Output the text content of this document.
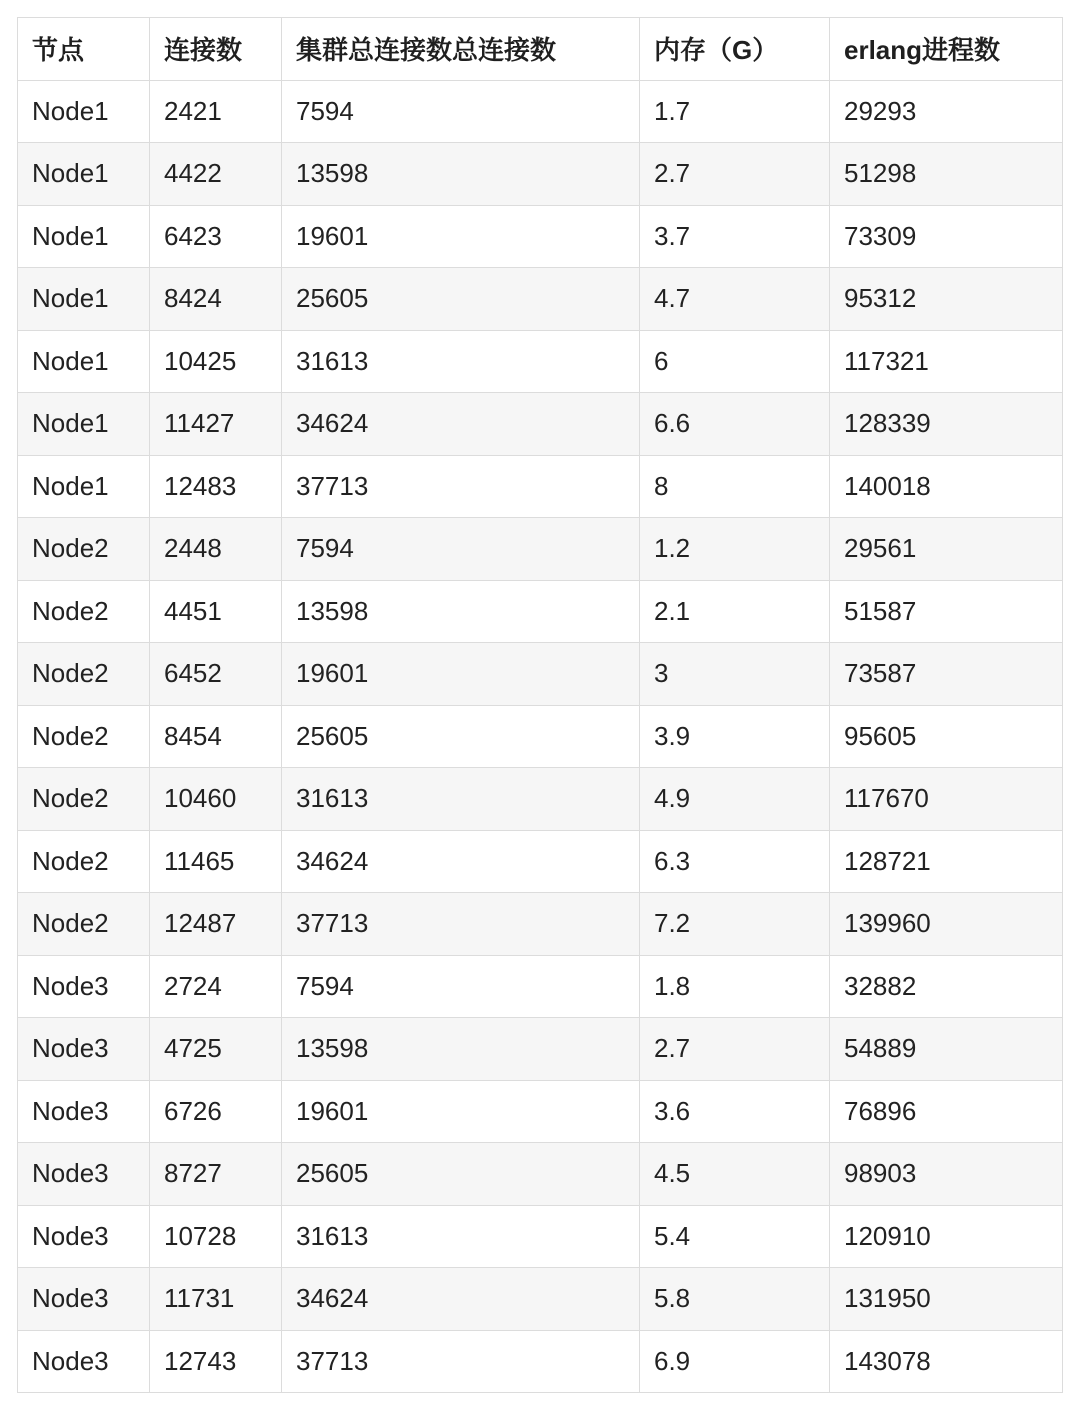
节点	连接数	集群总连接数总连接数	内存（G）	erlang进程数
Node1	2421	7594	1.7	29293
Node1	4422	13598	2.7	51298
Node1	6423	19601	3.7	73309
Node1	8424	25605	4.7	95312
Node1	10425	31613	6	117321
Node1	11427	34624	6.6	128339
Node1	12483	37713	8	140018
Node2	2448	7594	1.2	29561
Node2	4451	13598	2.1	51587
Node2	6452	19601	3	73587
Node2	8454	25605	3.9	95605
Node2	10460	31613	4.9	117670
Node2	11465	34624	6.3	128721
Node2	12487	37713	7.2	139960
Node3	2724	7594	1.8	32882
Node3	4725	13598	2.7	54889
Node3	6726	19601	3.6	76896
Node3	8727	25605	4.5	98903
Node3	10728	31613	5.4	120910
Node3	11731	34624	5.8	131950
Node3	12743	37713	6.9	143078
